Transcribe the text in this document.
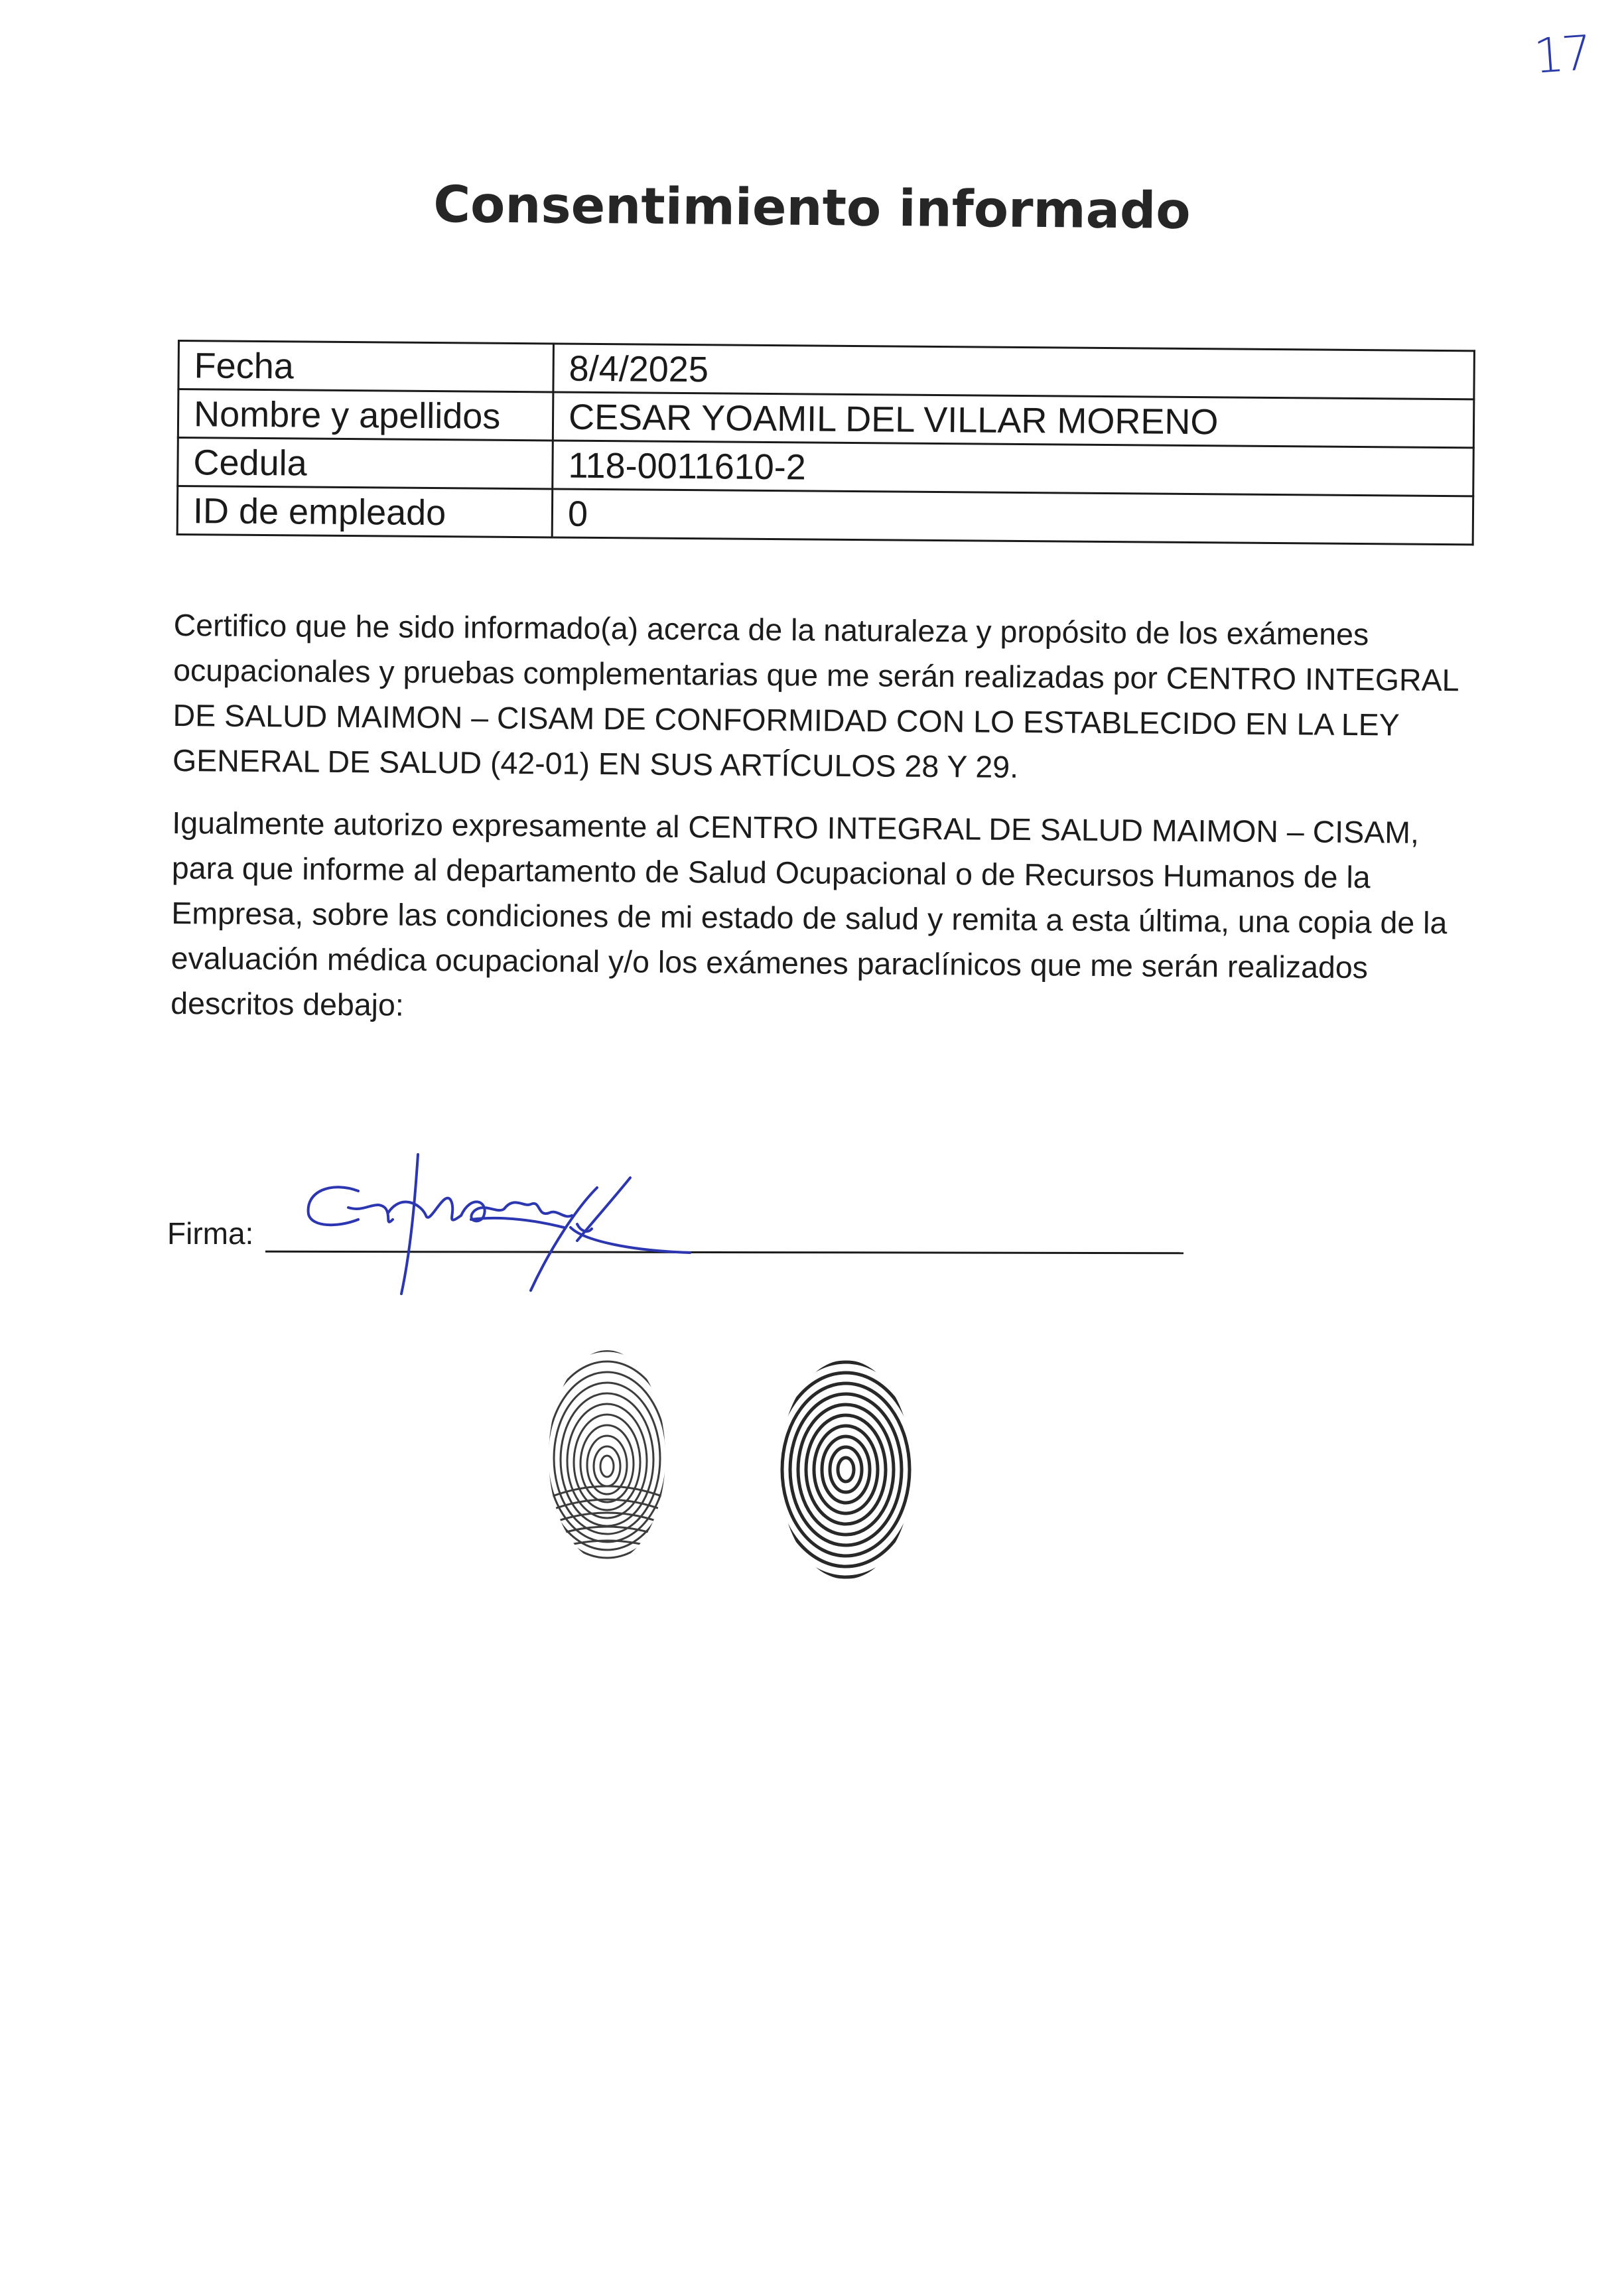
17
Consentimiento informado
Fecha	8/4/2025
Nombre y apellidos	CESAR YOAMIL DEL VILLAR MORENO
Cedula	118-0011610-2
ID de empleado	0

Certifico que he sido informado(a) acerca de la naturaleza y propósito de los exámenes ocupacionales y pruebas complementarias que me serán realizadas por CENTRO INTEGRAL DE SALUD MAIMON – CISAM DE CONFORMIDAD CON LO ESTABLECIDO EN LA LEY GENERAL DE SALUD (42-01) EN SUS ARTÍCULOS 28 Y 29.

Igualmente autorizo expresamente al CENTRO INTEGRAL DE SALUD MAIMON – CISAM, para que informe al departamento de Salud Ocupacional o de Recursos Humanos de la Empresa, sobre las condiciones de mi estado de salud y remita a esta última, una copia de la evaluación médica ocupacional y/o los exámenes paraclínicos que me serán realizados descritos debajo:

Firma:
